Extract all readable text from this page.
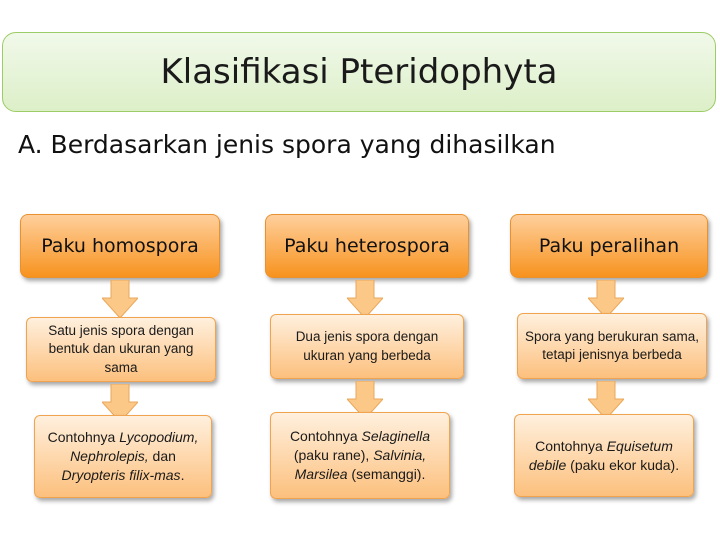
Klasifikasi Pteridophyta
A. Berdasarkan jenis spora yang dihasilkan
Paku homospora
Satu jenis spora dengan bentuk dan ukuran yang sama
Contohnya Lycopodium, Nephrolepis, dan Dryopteris filix-mas.
Paku heterospora
Dua jenis spora dengan ukuran yang berbeda
Contohnya Selaginella (paku rane), Salvinia, Marsilea (semanggi).
Paku peralihan
Spora yang berukuran sama, tetapi jenisnya berbeda
Contohnya Equisetum debile (paku ekor kuda).
